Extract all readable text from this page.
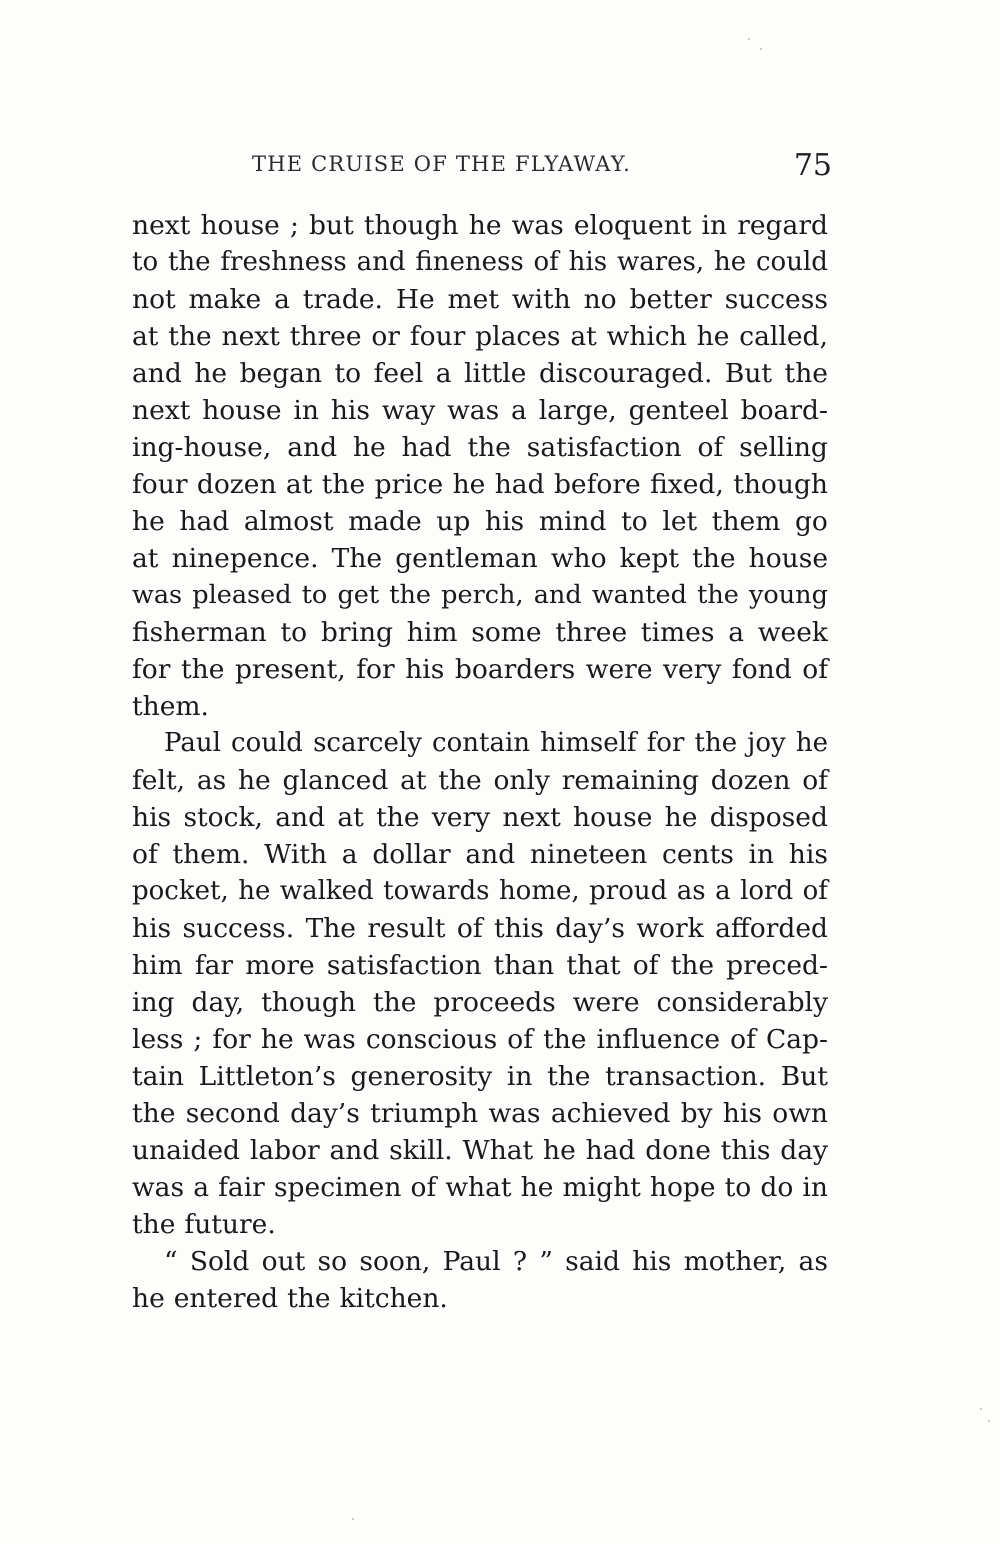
THE CRUISE OF THE FLYAWAY.	75
next house ; but though he was eloquent in regard
to the freshness and fineness of his wares, he could
not make a trade. He met with no better success
at the next three or four places at which he called,
and he began to feel a little discouraged. But the
next house in his way was a large, genteel board-
ing-house, and he had the satisfaction of selling
four dozen at the price he had before fixed, though
he had almost made up his mind to let them go
at ninepence. The gentleman who kept the house
was pleased to get the perch, and wanted the young
fisherman to bring him some three times a week
for the present, for his boarders were very fond of
them.
Paul could scarcely contain himself for the joy he
felt, as he glanced at the only remaining dozen of
his stock, and at the very next house he disposed
of them. With a dollar and nineteen cents in his
pocket, he walked towards home, proud as a lord of
his success. The result of this day’s work afforded
him far more satisfaction than that of the preced-
ing day, though the proceeds were considerably
less ; for he was conscious of the influence of Cap-
tain Littleton’s generosity in the transaction. But
the second day’s triumph was achieved by his own
unaided labor and skill. What he had done this day
was a fair specimen of what he might hope to do in
the future.
“ Sold out so soon, Paul ? ” said his mother, as
he entered the kitchen.
